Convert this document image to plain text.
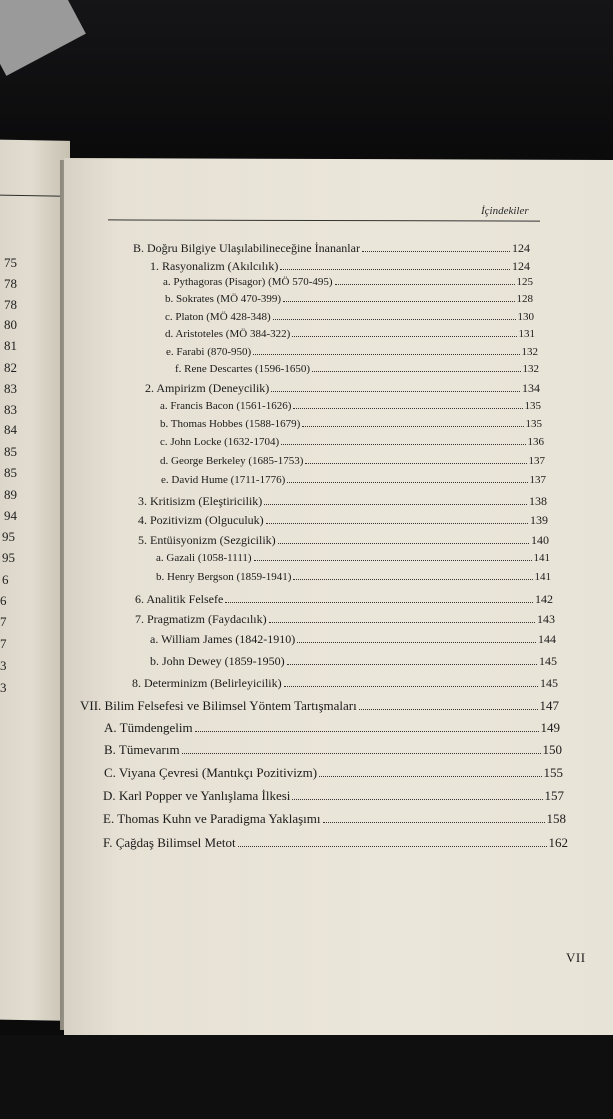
75
78
78
80
81
82
83
83
84
85
85
89
94
95
95
6
6
7
7
3
3
İçindekiler
B. Doğru Bilgiye Ulaşılabilineceğine İnananlar	124
1. Rasyonalizm (Akılcılık)	124
a. Pythagoras (Pisagor) (MÖ 570-495)	125
b. Sokrates (MÖ 470-399)	128
c. Platon (MÖ 428-348)	130
d. Aristoteles (MÖ 384-322)	131
e. Farabi (870-950)	132
f. Rene Descartes (1596-1650)	132
2. Ampirizm (Deneycilik)	134
a. Francis Bacon (1561-1626)	135
b. Thomas Hobbes (1588-1679)	135
c. John Locke (1632-1704)	136
d. George Berkeley (1685-1753)	137
e. David Hume (1711-1776)	137
3. Kritisizm (Eleştiricilik)	138
4. Pozitivizm (Olguculuk)	139
5. Entüisyonizm (Sezgicilik)	140
a. Gazali (1058-1111)	141
b. Henry Bergson (1859-1941)	141
6. Analitik Felsefe	142
7. Pragmatizm (Faydacılık)	143
a. William James (1842-1910)	144
b. John Dewey (1859-1950)	145
8. Determinizm (Belirleyicilik)	145
VII. Bilim Felsefesi ve Bilimsel Yöntem Tartışmaları	147
A. Tümdengelim	149
B. Tümevarım	150
C. Viyana Çevresi (Mantıkçı Pozitivizm)	155
D. Karl Popper ve Yanlışlama İlkesi	157
E. Thomas Kuhn ve Paradigma Yaklaşımı	158
F. Çağdaş Bilimsel Metot	162
VII
